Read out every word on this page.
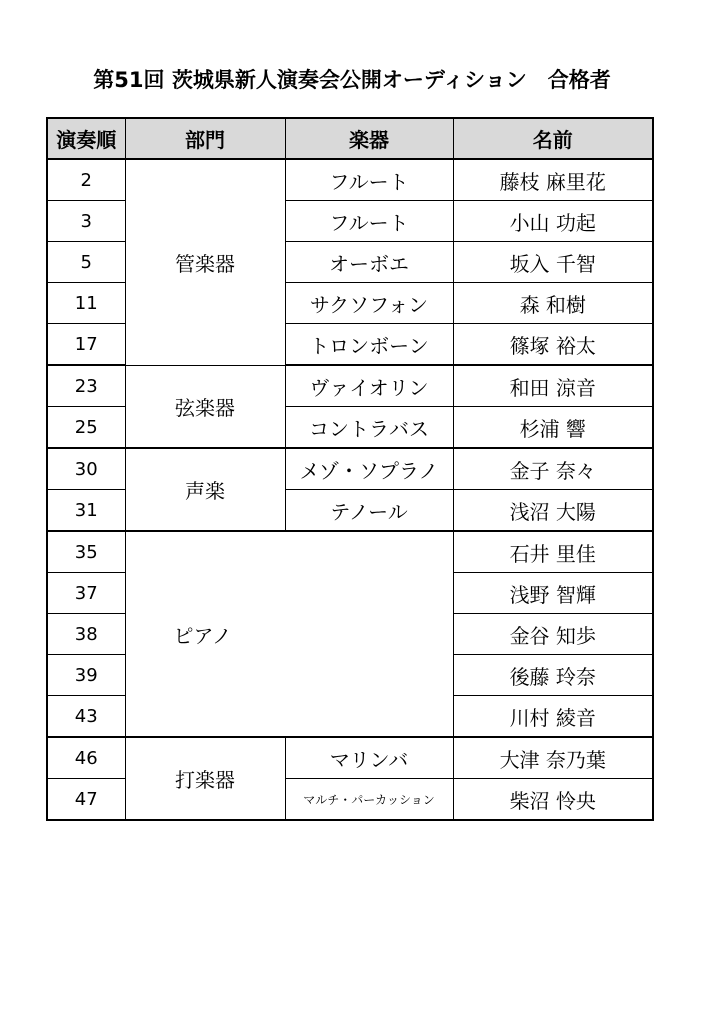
第51回 茨城県新人演奏会公開オーディション　合格者
演奏順	部門	楽器	名前
2	管楽器	フルート	藤枝 麻里花
3		フルート	小山 功起
5		オーボエ	坂入 千智
11		サクソフォン	森 和樹
17		トロンボーン	篠塚 裕太
23	弦楽器	ヴァイオリン	和田 涼音
25		コントラバス	杉浦 響
30	声楽	メゾ・ソプラノ	金子 奈々
31		テノール	浅沼 大陽
35	ピアノ		石井 里佳
37			浅野 智輝
38			金谷 知歩
39			後藤 玲奈
43			川村 綾音
46	打楽器	マリンバ	大津 奈乃葉
47		マルチ・パーカッション	柴沼 怜央
